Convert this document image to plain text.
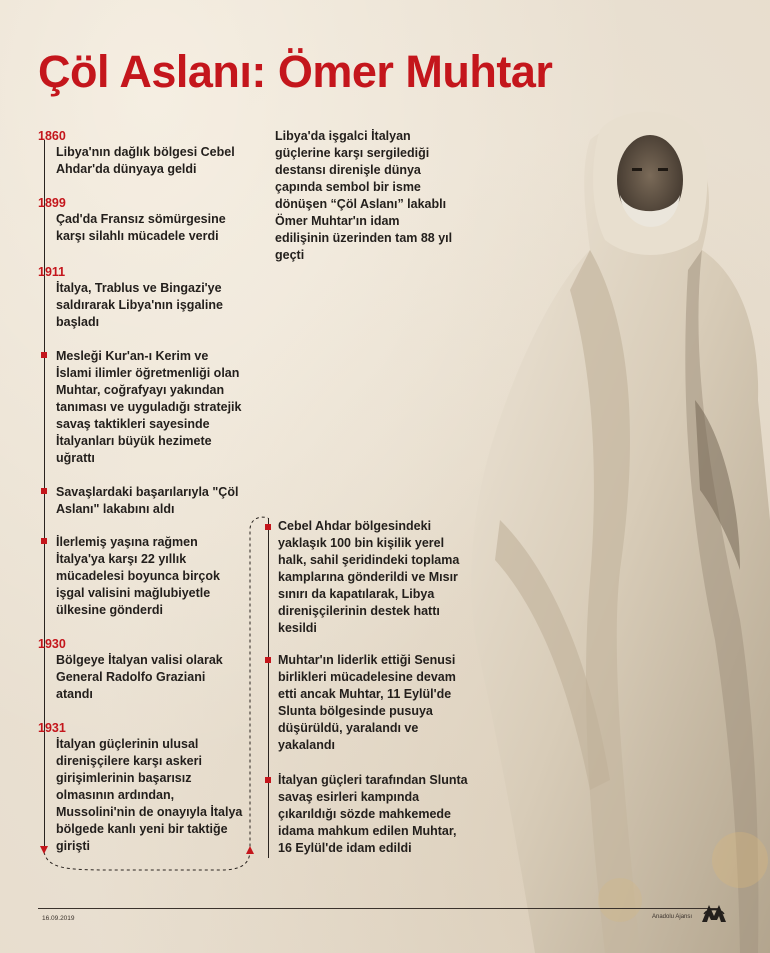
Çöl Aslanı: Ömer Muhtar
1860
Libya'nın dağlık bölgesi Cebel Ahdar'da dünyaya geldi
1899
Çad'da Fransız sömürgesine karşı silahlı mücadele verdi
1911
İtalya, Trablus ve Bingazi'ye saldırarak Libya'nın işgaline başladı
Mesleği Kur'an-ı Kerim ve İslami ilimler öğretmenliği olan Muhtar, coğrafyayı yakından tanıması ve uyguladığı stratejik savaş taktikleri sayesinde İtalyanları büyük hezimete uğrattı
Savaşlardaki başarılarıyla "Çöl Aslanı" lakabını aldı
İlerlemiş yaşına rağmen İtalya'ya karşı 22 yıllık mücadelesi boyunca birçok işgal valisini mağlubiyetle ülkesine gönderdi
1930
Bölgeye İtalyan valisi olarak General Radolfo Graziani atandı
1931
İtalyan güçlerinin ulusal direnişçilere karşı askeri girişimlerinin başarısız olmasının ardından, Mussolini'nin de onayıyla İtalya bölgede kanlı yeni bir taktiğe girişti
Libya'da işgalci İtalyan güçlerine karşı sergilediği destansı direnişle dünya çapında sembol bir isme dönüşen “Çöl Aslanı” lakablı Ömer Muhtar'ın idam edilişinin üzerinden tam 88 yıl geçti
Cebel Ahdar bölgesindeki yaklaşık 100 bin kişilik yerel halk, sahil şeridindeki toplama kamplarına gönderildi ve Mısır sınırı da kapatılarak, Libya direnişçilerinin destek hattı kesildi
Muhtar'ın liderlik ettiği Senusi birlikleri mücadelesine devam etti ancak Muhtar, 11 Eylül'de Slunta bölgesinde pusuya düşürüldü, yaralandı ve yakalandı
İtalyan güçleri tarafından Slunta savaş esirleri kampında çıkarıldığı sözde mahkemede idama mahkum edilen Muhtar, 16 Eylül'de idam edildi
16.09.2019	Anadolu Ajansı
